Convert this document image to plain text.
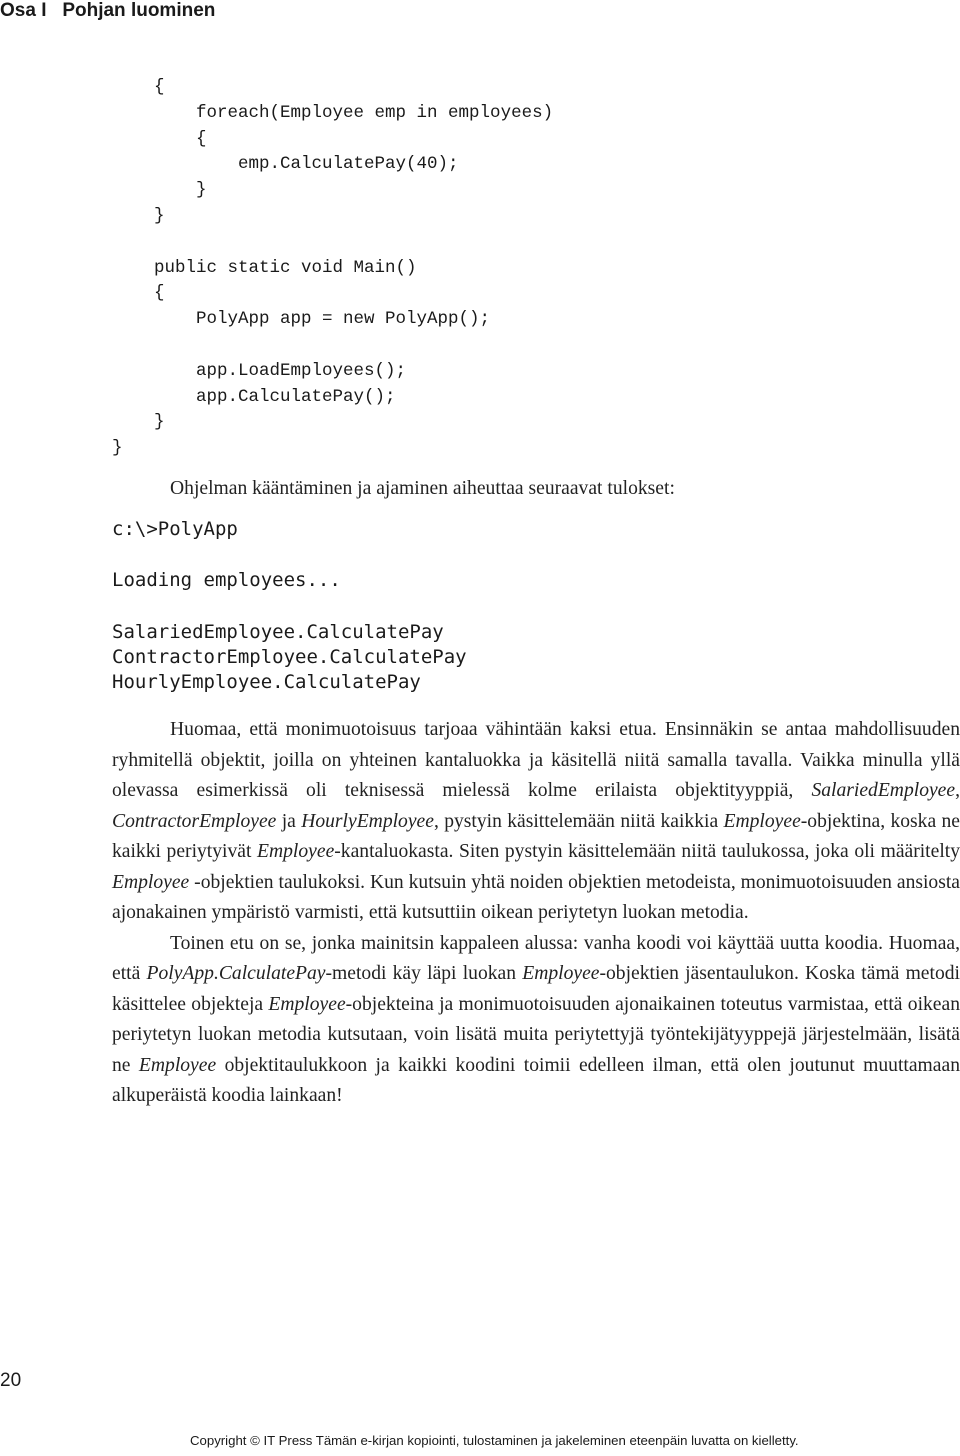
Osa I Pohjan luominen
{
foreach(Employee emp in employees)
{
emp.CalculatePay(40);
}
}

public static void Main()
{
PolyApp app = new PolyApp();

app.LoadEmployees();
app.CalculatePay();
}
}
Ohjelman kääntäminen ja ajaminen aiheuttaa seuraavat tulokset:
c:\>PolyApp
Loading employees...
SalariedEmployee.CalculatePay
ContractorEmployee.CalculatePay
HourlyEmployee.CalculatePay

Huomaa, että monimuotoisuus tarjoaa vähintään kaksi etua. Ensinnäkin se antaa mahdollisuuden ryhmitellä objektit, joilla on yhteinen kantaluokka ja käsitellä niitä samalla tavalla. Vaikka minulla yllä olevassa esimerkissä oli teknisessä mielessä kolme erilaista objektityyppiä, SalariedEmployee, ContractorEmployee ja HourlyEmployee, pystyin käsittelemään niitä kaikkia Employee-objektina, koska ne kaikki periytyivät Employee-kantaluokasta. Siten pystyin käsittelemään niitä taulukossa, joka oli määritelty Employee -objektien taulukoksi. Kun kutsuin yhtä noiden objektien metodeista, monimuotoisuuden ansiosta ajonakainen ympäristö varmisti, että kutsuttiin oikean periytetyn luokan metodia.

Toinen etu on se, jonka mainitsin kappaleen alussa: vanha koodi voi käyttää uutta koodia. Huomaa, että PolyApp.CalculatePay-metodi käy läpi luokan Employee-objektien jäsentaulukon. Koska tämä metodi käsittelee objekteja Employee-objekteina ja monimuotoisuuden ajonaikainen toteutus varmistaa, että oikean periytetyn luokan metodia kutsutaan, voin lisätä muita periytettyjä työntekijätyyppejä järjestelmään, lisätä ne Employee objektitaulukkoon ja kaikki koodini toimii edelleen ilman, että olen joutunut muuttamaan alkuperäistä koodia lainkaan!

20
Copyright © IT Press Tämän e-kirjan kopiointi, tulostaminen ja jakeleminen eteenpäin luvatta on kielletty.
